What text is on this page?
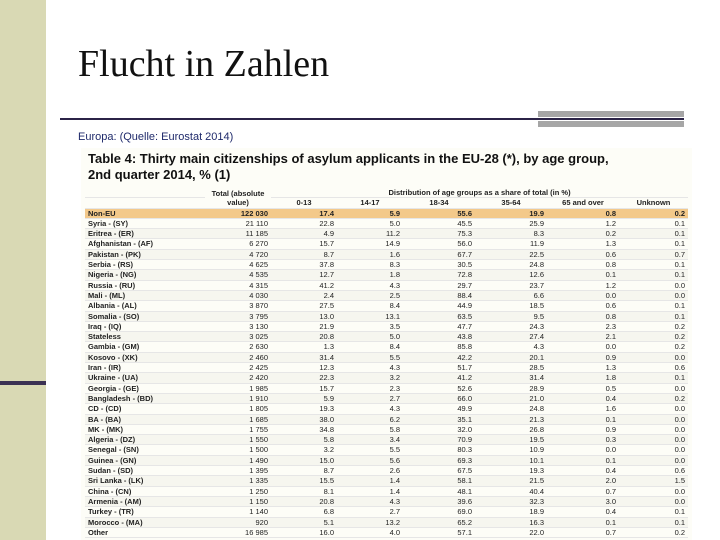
Flucht in Zahlen
Europa: (Quelle: Eurostat 2014)
Table 4: Thirty main citizenships of asylum applicants in the EU-28 (*), by age group,
2nd quarter 2014, % (1)
	Total (absolute value)	Distribution of age groups as a share of total (in %)					
		0-13	14-17	18-34	35-64	65 and over	Unknown
Non-EU	122 030	17.4	5.9	55.6	19.9	0.8	0.2
Syria - (SY)	21 110	22.8	5.0	45.5	25.9	1.2	0.1
Eritrea - (ER)	11 185	4.9	11.2	75.3	8.3	0.2	0.1
Afghanistan - (AF)	6 270	15.7	14.9	56.0	11.9	1.3	0.1
Pakistan - (PK)	4 720	8.7	1.6	67.7	22.5	0.6	0.7
Serbia - (RS)	4 625	37.8	8.3	30.5	24.8	0.8	0.1
Nigeria - (NG)	4 535	12.7	1.8	72.8	12.6	0.1	0.1
Russia - (RU)	4 315	41.2	4.3	29.7	23.7	1.2	0.0
Mali - (ML)	4 030	2.4	2.5	88.4	6.6	0.0	0.0
Albania - (AL)	3 870	27.5	8.4	44.9	18.5	0.6	0.1
Somalia - (SO)	3 795	13.0	13.1	63.5	9.5	0.8	0.1
Iraq - (IQ)	3 130	21.9	3.5	47.7	24.3	2.3	0.2
Stateless	3 025	20.8	5.0	43.8	27.4	2.1	0.2
Gambia - (GM)	2 630	1.3	8.4	85.8	4.3	0.0	0.2
Kosovo - (XK)	2 460	31.4	5.5	42.2	20.1	0.9	0.0
Iran - (IR)	2 425	12.3	4.3	51.7	28.5	1.3	0.6
Ukraine - (UA)	2 420	22.3	3.2	41.2	31.4	1.8	0.1
Georgia - (GE)	1 985	15.7	2.3	52.6	28.9	0.5	0.0
Bangladesh - (BD)	1 910	5.9	2.7	66.0	21.0	0.4	0.2
CD - (CD)	1 805	19.3	4.3	49.9	24.8	1.6	0.0
BA - (BA)	1 685	38.0	6.2	35.1	21.3	0.1	0.0
MK - (MK)	1 755	34.8	5.8	32.0	26.8	0.9	0.0
Algeria - (DZ)	1 550	5.8	3.4	70.9	19.5	0.3	0.0
Senegal - (SN)	1 500	3.2	5.5	80.3	10.9	0.0	0.0
Guinea - (GN)	1 490	15.0	5.6	69.3	10.1	0.1	0.0
Sudan - (SD)	1 395	8.7	2.6	67.5	19.3	0.4	0.6
Sri Lanka - (LK)	1 335	15.5	1.4	58.1	21.5	2.0	1.5
China - (CN)	1 250	8.1	1.4	48.1	40.4	0.7	0.0
Armenia - (AM)	1 150	20.8	4.3	39.6	32.3	3.0	0.0
Turkey - (TR)	1 140	6.8	2.7	69.0	18.9	0.4	0.1
Morocco - (MA)	920	5.1	13.2	65.2	16.3	0.1	0.1
Other	16 985	16.0	4.0	57.1	22.0	0.7	0.2
